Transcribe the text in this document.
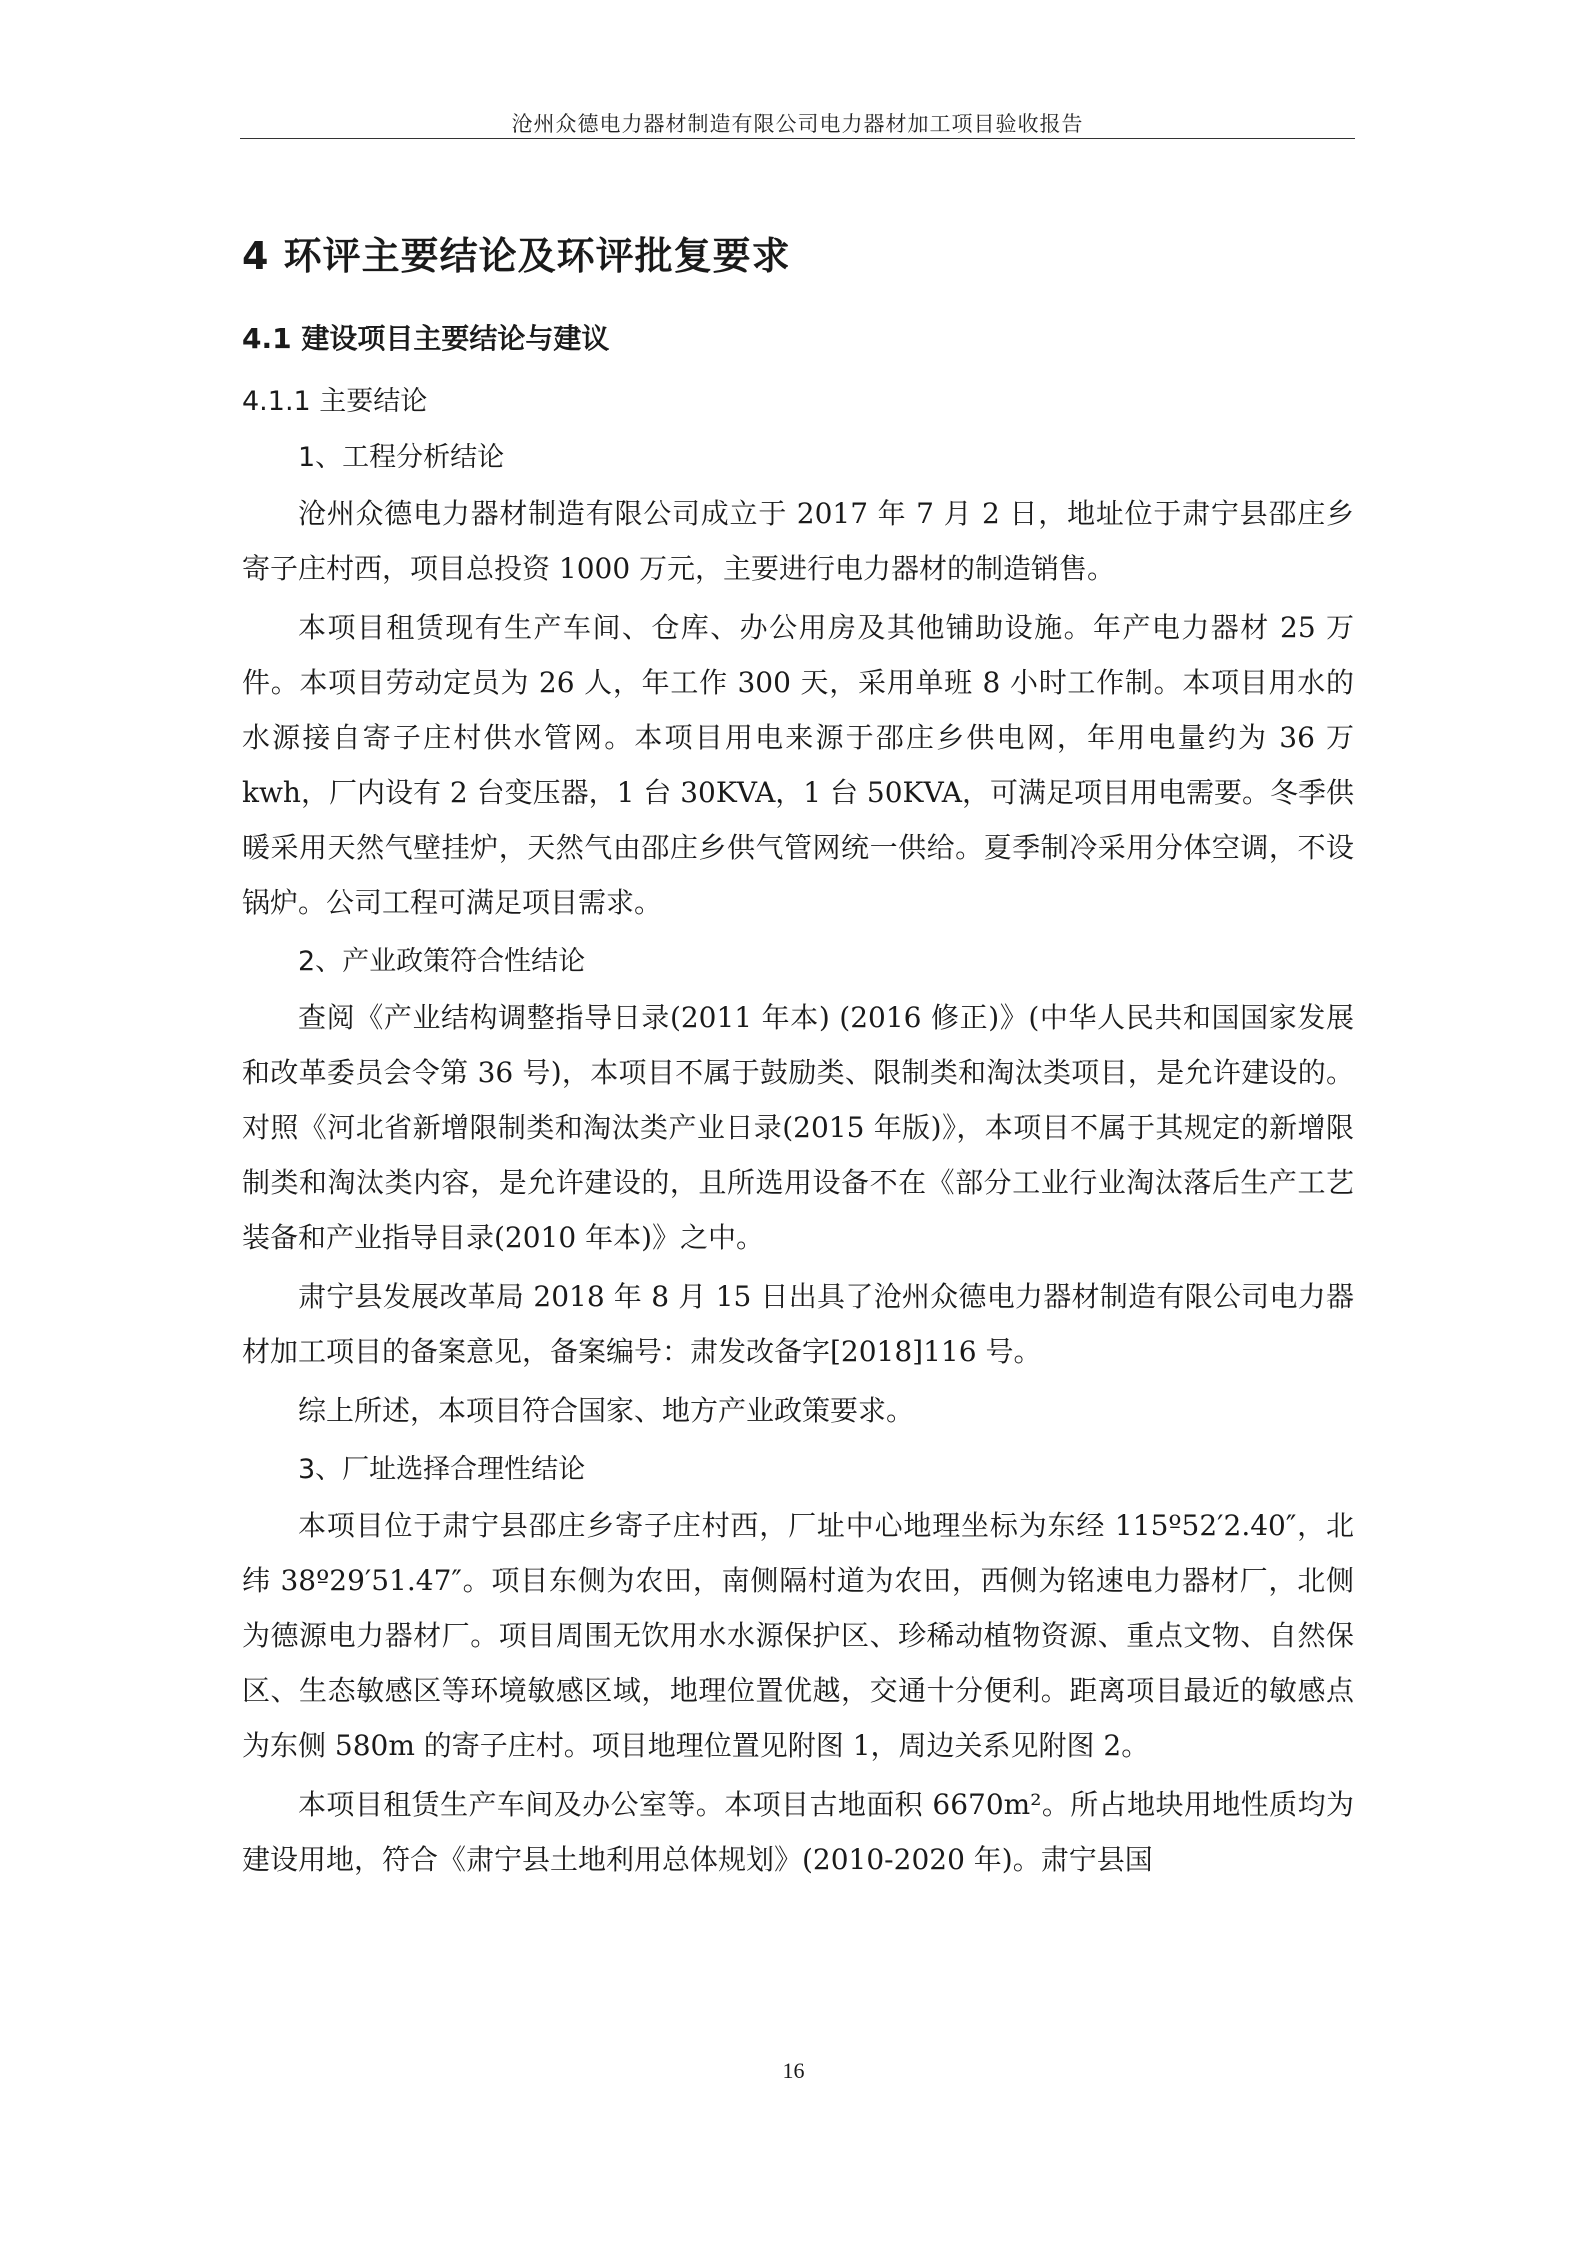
沧州众德电力器材制造有限公司电力器材加工项目验收报告
4 环评主要结论及环评批复要求
4.1 建设项目主要结论与建议
4.1.1 主要结论
1、工程分析结论

沧州众德电力器材制造有限公司成立于 2017 年 7 月 2 日，地址位于肃宁县邵庄乡寄子庄村西，项目总投资 1000 万元，主要进行电力器材的制造销售。

本项目租赁现有生产车间、仓库、办公用房及其他铺助设施。年产电力器材 25 万件。本项目劳动定员为 26 人，年工作 300 天，采用单班 8 小时工作制。本项目用水的水源接自寄子庄村供水管网。本项目用电来源于邵庄乡供电网，年用电量约为 36 万 kwh，厂内设有 2 台变压器，1 台 30KVA，1 台 50KVA，可满足项目用电需要。冬季供暖采用天然气壁挂炉，天然气由邵庄乡供气管网统一供给。夏季制冷采用分体空调，不设锅炉。公司工程可满足项目需求。

2、产业政策符合性结论

查阅《产业结构调整指导日录(2011 年本) (2016 修正)》(中华人民共和国国家发展和改革委员会令第 36 号)，本项目不属于鼓励类、限制类和淘汰类项目，是允许建设的。对照《河北省新增限制类和淘汰类产业日录(2015 年版)》，本项目不属于其规定的新增限制类和淘汰类内容，是允许建设的，且所选用设备不在《部分工业行业淘汰落后生产工艺装备和产业指导目录(2010 年本)》之中。

肃宁县发展改革局 2018 年 8 月 15 日出具了沧州众德电力器材制造有限公司电力器材加工项目的备案意见，备案编号：肃发改备字[2018]116 号。

综上所述，本项目符合国家、地方产业政策要求。

3、厂址选择合理性结论

本项目位于肃宁县邵庄乡寄子庄村西，厂址中心地理坐标为东经 115º52′2.40″，北纬 38º29′51.47″。项目东侧为农田，南侧隔村道为农田，西侧为铭速电力器材厂，北侧为德源电力器材厂。项目周围无饮用水水源保护区、珍稀动植物资源、重点文物、自然保区、生态敏感区等环境敏感区域，地理位置优越，交通十分便利。距离项目最近的敏感点为东侧 580m 的寄子庄村。项目地理位置见附图 1，周边关系见附图 2。

本项目租赁生产车间及办公室等。本项目古地面积 6670m²。所占地块用地性质均为建设用地，符合《肃宁县土地利用总体规划》(2010-2020 年)。肃宁县国

16
